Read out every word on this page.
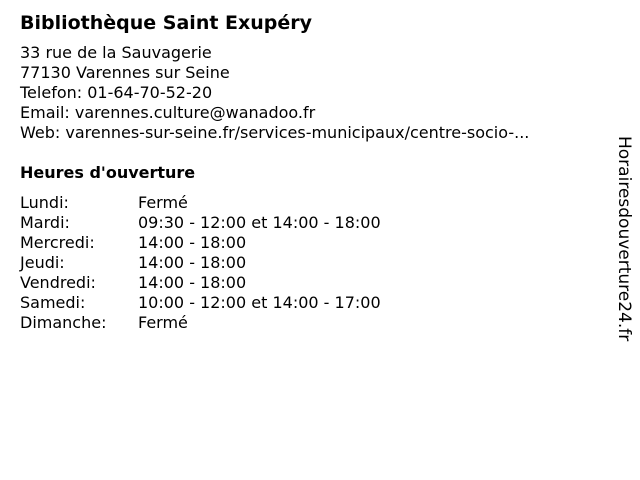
Bibliothèque Saint Exupéry
33 rue de la Sauvagerie
77130 Varennes sur Seine
Telefon: 01-64-70-52-20
Email: varennes.culture@wanadoo.fr
Web: varennes-sur-seine.fr/services-municipaux/centre-socio-...
Heures d'ouverture
Lundi:	Fermé
Mardi:	09:30 - 12:00 et 14:00 - 18:00
Mercredi:	14:00 - 18:00
Jeudi:	14:00 - 18:00
Vendredi:	14:00 - 18:00
Samedi:	10:00 - 12:00 et 14:00 - 17:00
Dimanche:	Fermé	Horairesdouverture24.fr
